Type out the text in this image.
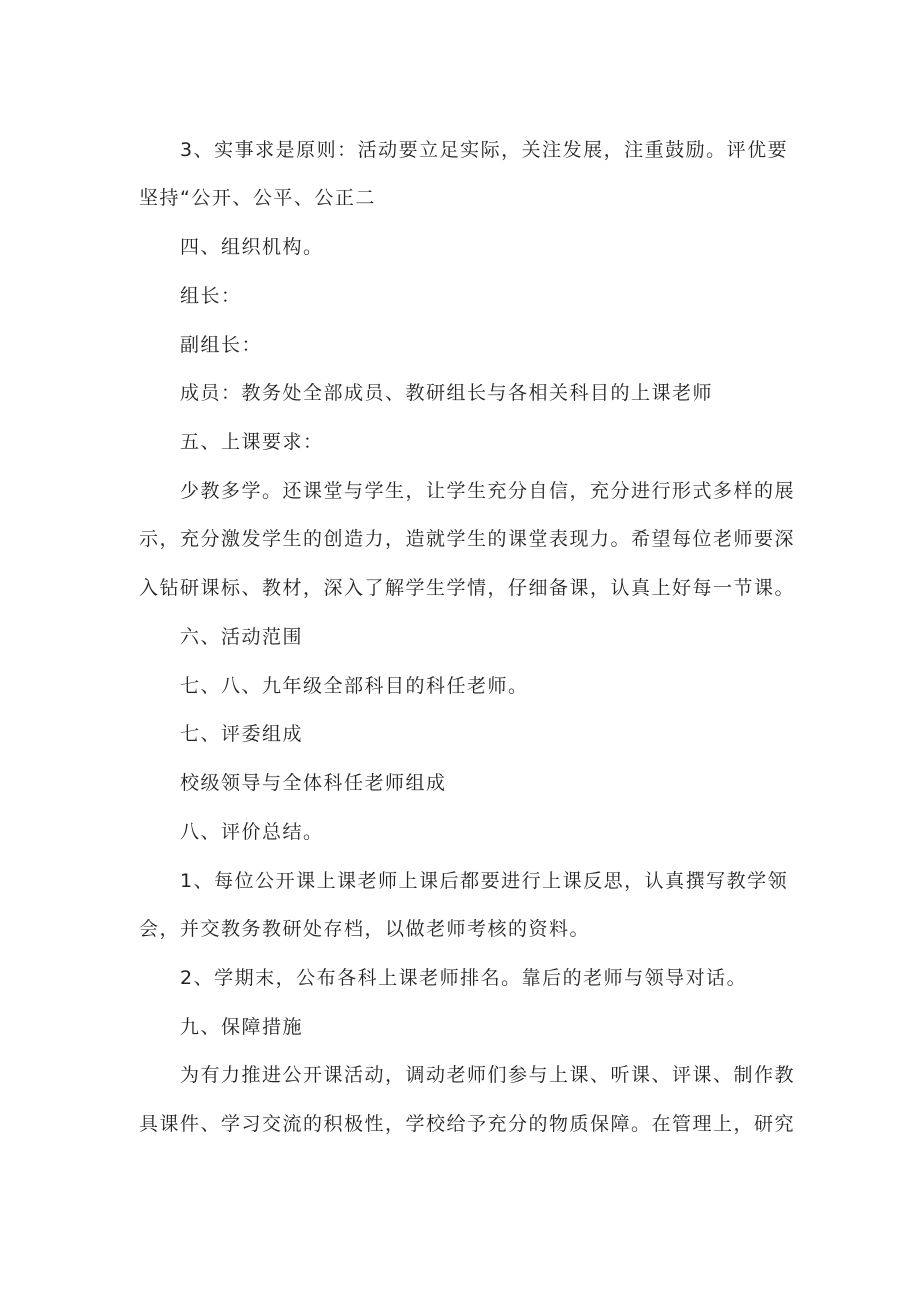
3、实事求是原则：活动要立足实际，关注发展，注重鼓励。评优要
坚持“公开、公平、公正二
四、组织机构。
组长：
副组长：
成员：教务处全部成员、教研组长与各相关科目的上课老师
五、上课要求：
少教多学。还课堂与学生，让学生充分自信，充分进行形式多样的展
示，充分激发学生的创造力，造就学生的课堂表现力。希望每位老师要深
入钻研课标、教材，深入了解学生学情，仔细备课，认真上好每一节课。
六、活动范围
七、八、九年级全部科目的科任老师。
七、评委组成
校级领导与全体科任老师组成
八、评价总结。
1、每位公开课上课老师上课后都要进行上课反思，认真撰写教学领
会，并交教务教研处存档，以做老师考核的资料。
2、学期末，公布各科上课老师排名。靠后的老师与领导对话。
九、保障措施
为有力推进公开课活动，调动老师们参与上课、听课、评课、制作教
具课件、学习交流的积极性，学校给予充分的物质保障。在管理上，研究
